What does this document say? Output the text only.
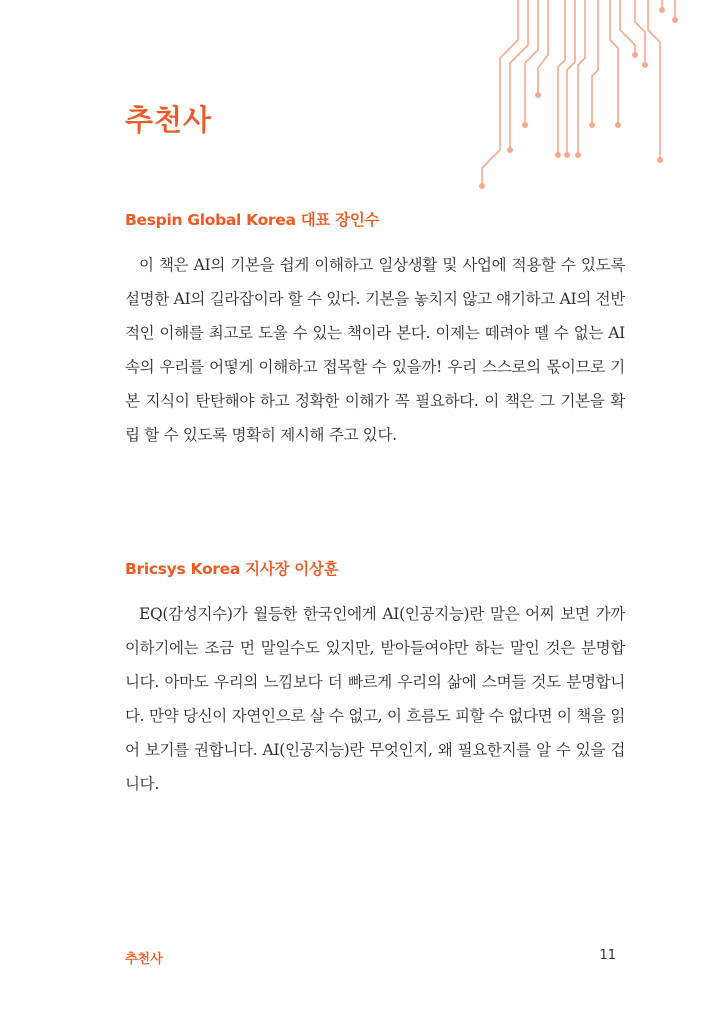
추천사
Bespin Global Korea 대표 장인수

이 책은 AI의 기본을 쉽게 이해하고 일상생활 및 사업에 적용할 수 있도록 설명한 AI의 길라잡이라 할 수 있다. 기본을 놓치지 않고 얘기하고 AI의 전반적인 이해를 최고로 도울 수 있는 책이라 본다. 이제는 떼려야 뗄 수 없는 AI 속의 우리를 어떻게 이해하고 접목할 수 있을까! 우리 스스로의 몫이므로 기본 지식이 탄탄해야 하고 정확한 이해가 꼭 필요하다. 이 책은 그 기본을 확립 할 수 있도록 명확히 제시해 주고 있다.

Bricsys Korea 지사장 이상훈

EQ(감성지수)가 월등한 한국인에게 AI(인공지능)란 말은 어찌 보면 가까이하기에는 조금 먼 말일수도 있지만, 받아들여야만 하는 말인 것은 분명합니다. 아마도 우리의 느낌보다 더 빠르게 우리의 삶에 스며들 것도 분명합니다. 만약 당신이 자연인으로 살 수 없고, 이 흐름도 피할 수 없다면 이 책을 읽어 보기를 권합니다. AI(인공지능)란 무엇인지, 왜 필요한지를 알 수 있을 겁니다.

추천사	11
